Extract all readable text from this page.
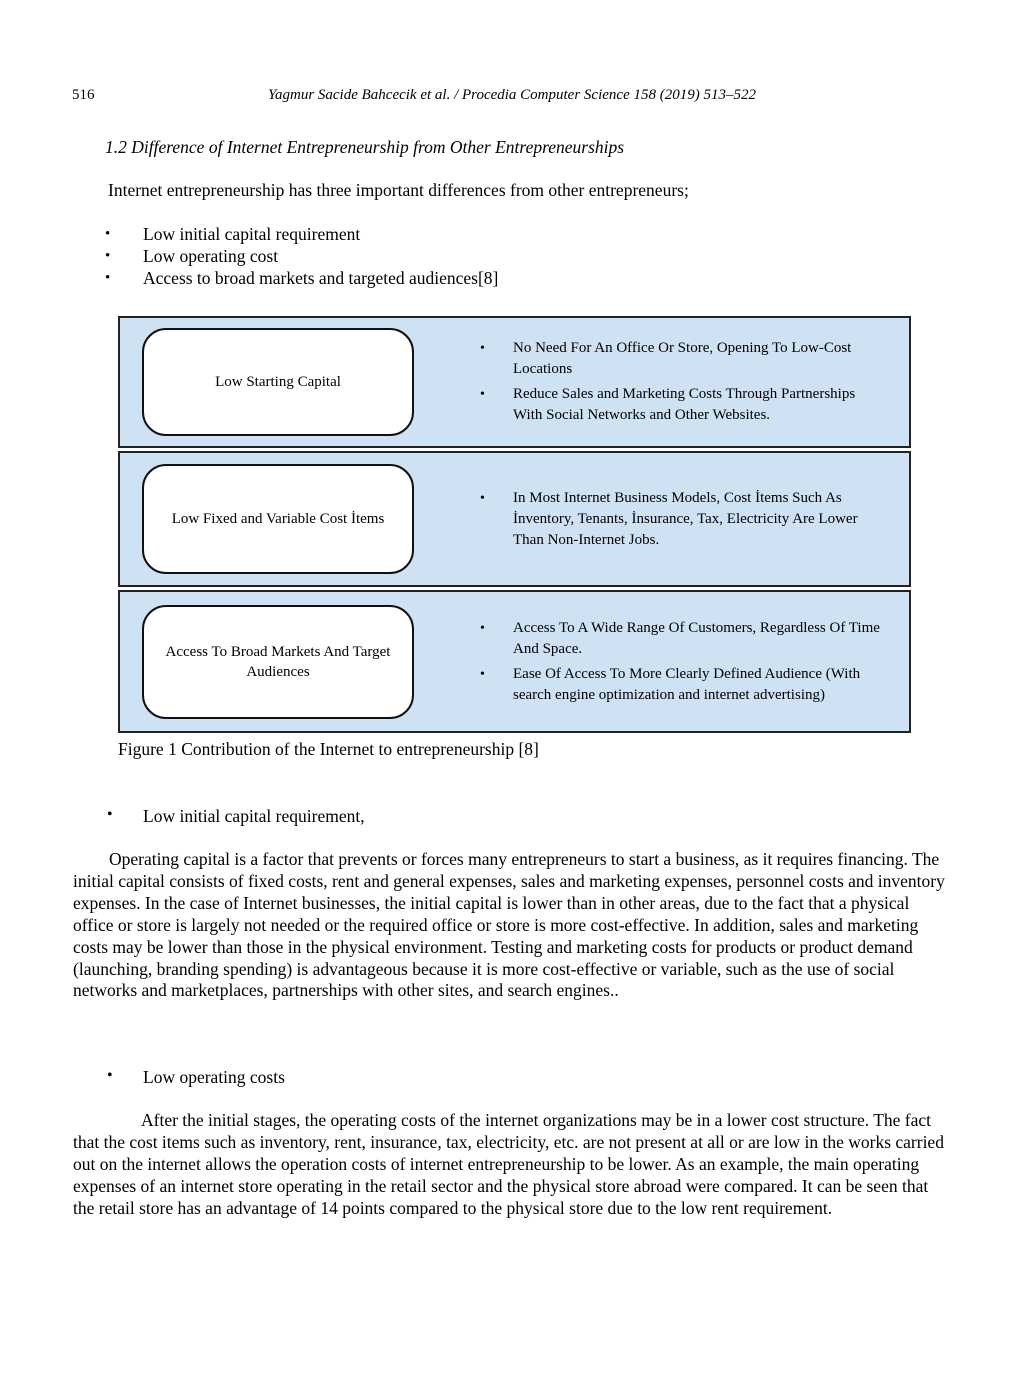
516	Yagmur Sacide Bahcecik et al. / Procedia Computer Science 158 (2019) 513–522
1.2 Difference of Internet Entrepreneurship from Other Entrepreneurships
Internet entrepreneurship has three important differences from other entrepreneurs;
•	Low initial capital requirement
•	Low operating cost
•	Access to broad markets and targeted audiences[8]
Low Starting Capital
•	No Need For An Office Or Store, Opening To Low-Cost Locations
•	Reduce Sales and Marketing Costs Through Partnerships With Social Networks and Other Websites.
Low Fixed and Variable Cost İtems
•	In Most Internet Business Models, Cost İtems Such As İnventory, Tenants, İnsurance, Tax, Electricity Are Lower Than Non-Internet Jobs.
Access To Broad Markets And Target Audiences
•	Access To A Wide Range Of Customers, Regardless Of Time And Space.
•	Ease Of Access To More Clearly Defined Audience (With search engine optimization and internet advertising)
Figure 1 Contribution of the Internet to entrepreneurship [8]
•	Low initial capital requirement,
Operating capital is a factor that prevents or forces many entrepreneurs to start a business, as it requires financing. The initial capital consists of fixed costs, rent and general expenses, sales and marketing expenses, personnel costs and inventory expenses. In the case of Internet businesses, the initial capital is lower than in other areas, due to the fact that a physical office or store is largely not needed or the required office or store is more cost-effective. In addition, sales and marketing costs may be lower than those in the physical environment. Testing and marketing costs for products or product demand (launching, branding spending) is advantageous because it is more cost-effective or variable, such as the use of social networks and marketplaces, partnerships with other sites, and search engines..
•	Low operating costs
After the initial stages, the operating costs of the internet organizations may be in a lower cost structure. The fact that the cost items such as inventory, rent, insurance, tax, electricity, etc. are not present at all or are low in the works carried out on the internet allows the operation costs of internet entrepreneurship to be lower. As an example, the main operating expenses of an internet store operating in the retail sector and the physical store abroad were compared. It can be seen that the retail store has an advantage of 14 points compared to the physical store due to the low rent requirement.
